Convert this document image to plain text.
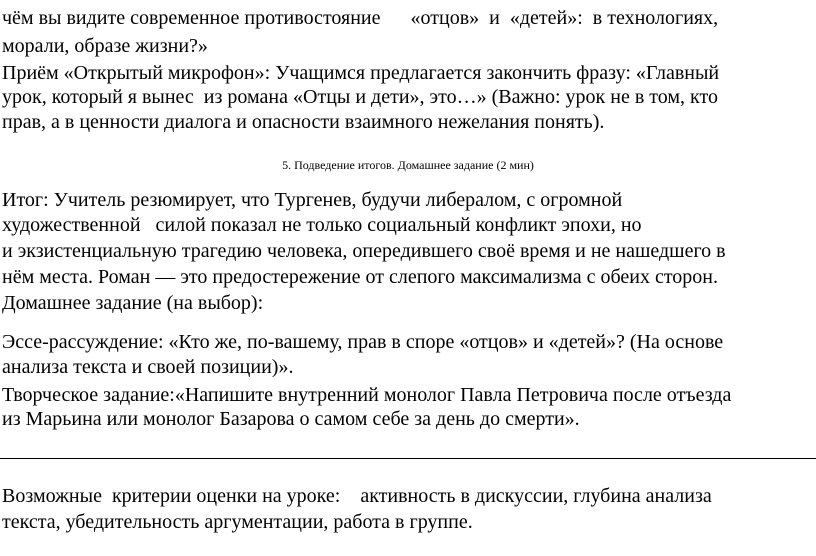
чём вы видите современное противостояние      «отцов»  и  «детей»:  в технологиях,
морали, образе жизни?»
Приём «Открытый микрофон»: Учащимся предлагается закончить фразу: «Главный
урок, который я вынес  из романа «Отцы и дети», это…» (Важно: урок не в том, кто
прав, а в ценности диалога и опасности взаимного нежелания понять).
5. Подведение итогов. Домашнее задание (2 мин)
Итог: Учитель резюмирует, что Тургенев, будучи либералом, с огромной
художественной   силой показал не только социальный конфликт эпохи, но
и экзистенциальную трагедию человека, опередившего своё время и не нашедшего в
нём места. Роман — это предостережение от слепого максимализма с обеих сторон.
Домашнее задание (на выбор):
Эссе-рассуждение: «Кто же, по-вашему, прав в споре «отцов» и «детей»? (На основе
анализа текста и своей позиции)».
Творческое задание:«Напишите внутренний монолог Павла Петровича после отъезда
из Марьина или монолог Базарова о самом себе за день до смерти».
Возможные  критерии оценки на уроке:    активность в дискуссии, глубина анализа
текста, убедительность аргументации, работа в группе.
